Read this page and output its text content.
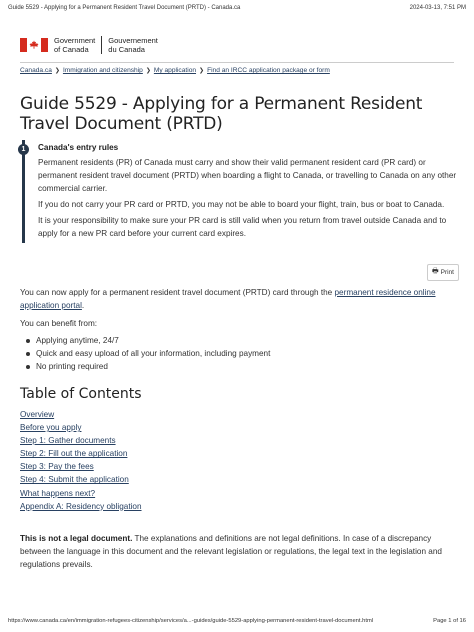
Guide 5529 - Applying for a Permanent Resident Travel Document (PRTD) - Canada.ca	2024-03-13, 7:51 PM
Government
of Canada
Gouvernement
du Canada
Canada.ca ❯ Immigration and citizenship ❯ My application ❯ Find an IRCC application package or form
Guide 5529 - Applying for a Permanent Resident Travel Document (PRTD)
1	Canada's entry rules

Permanent residents (PR) of Canada must carry and show their valid permanent resident card (PR card) or permanent resident travel document (PRTD) when boarding a flight to Canada, or travelling to Canada on any other commercial carrier.

If you do not carry your PR card or PRTD, you may not be able to board your flight, train, bus or boat to Canada.

It is your responsibility to make sure your PR card is still valid when you return from travel outside Canada and to apply for a new PR card before your current card expires.

🖶 Print

You can now apply for a permanent resident travel document (PRTD) card through the permanent residence online application portal.

You can benefit from:

Applying anytime, 24/7
Quick and easy upload of all your information, including payment
No printing required
Table of Contents
Overview
Before you apply
Step 1: Gather documents
Step 2: Fill out the application
Step 3: Pay the fees
Step 4: Submit the application
What happens next?
Appendix A: Residency obligation

This is not a legal document. The explanations and definitions are not legal definitions. In case of a discrepancy between the language in this document and the relevant legislation or regulations, the legal text in the legislation and regulations prevails.

https://www.canada.ca/en/immigration-refugees-citizenship/services/a...-guides/guide-5529-applying-permanent-resident-travel-document.html	Page 1 of 16
